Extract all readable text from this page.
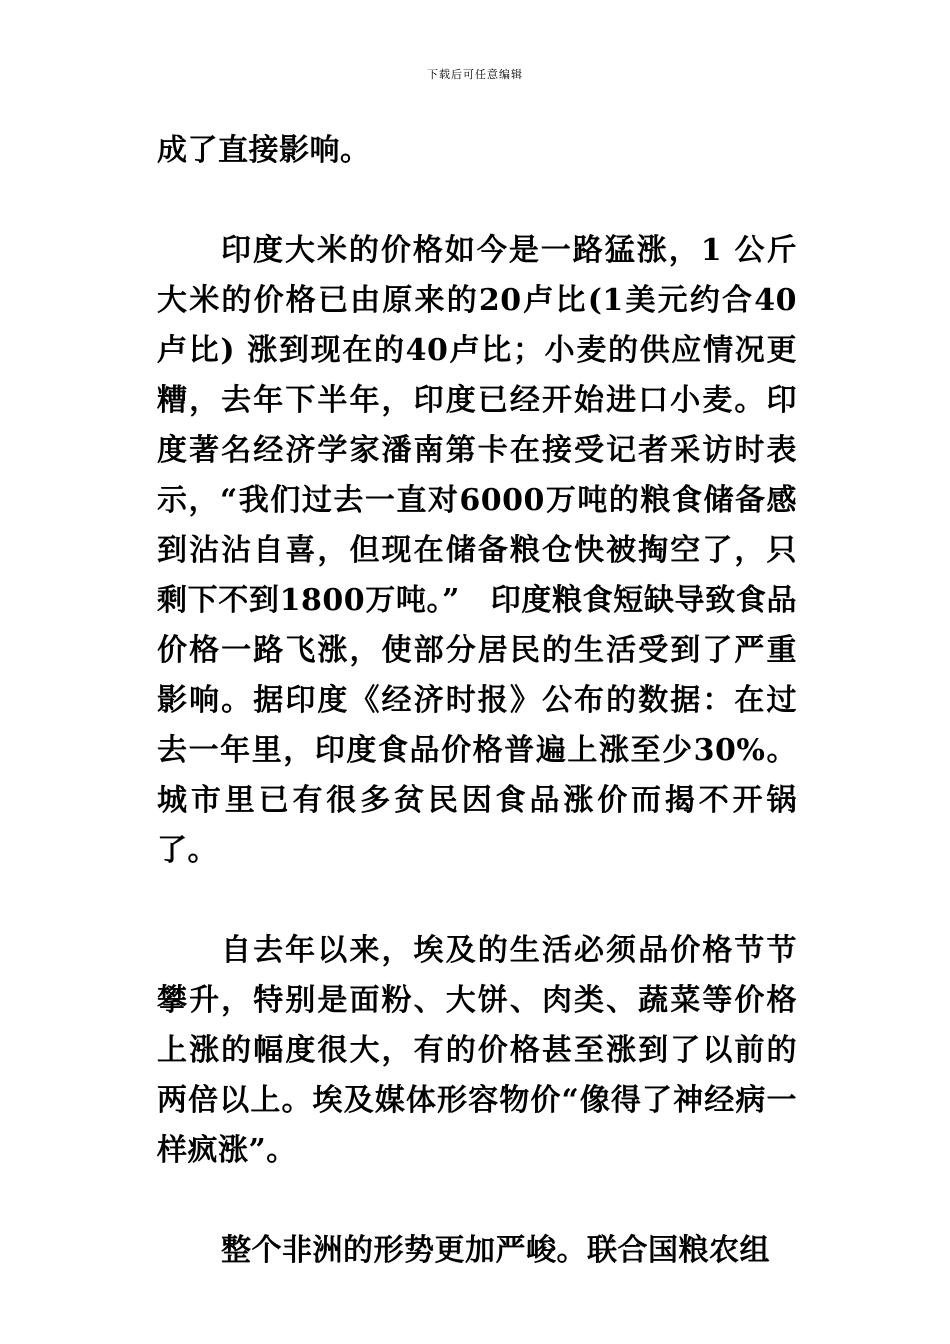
下载后可任意编辑

成了直接影响。

印度大米的价格如今是一路猛涨，1 公斤大米的价格已由原来的20卢比(1美元约合40卢比) 涨到现在的40卢比；小麦的供应情况更糟，去年下半年，印度已经开始进口小麦。印度著名经济学家潘南第卡在接受记者采访时表示，“我们过去一直对6000万吨的粮食储备感到沾沾自喜，但现在储备粮仓快被掏空了，只剩下不到1800万吨。”　印度粮食短缺导致食品价格一路飞涨，使部分居民的生活受到了严重影响。据印度《经济时报》公布的数据：在过去一年里，印度食品价格普遍上涨至少30%。城市里已有很多贫民因食品涨价而揭不开锅了。

自去年以来，埃及的生活必须品价格节节攀升，特别是面粉、大饼、肉类、蔬菜等价格上涨的幅度很大，有的价格甚至涨到了以前的两倍以上。埃及媒体形容物价“像得了神经病一样疯涨”。

整个非洲的形势更加严峻。联合国粮农组
